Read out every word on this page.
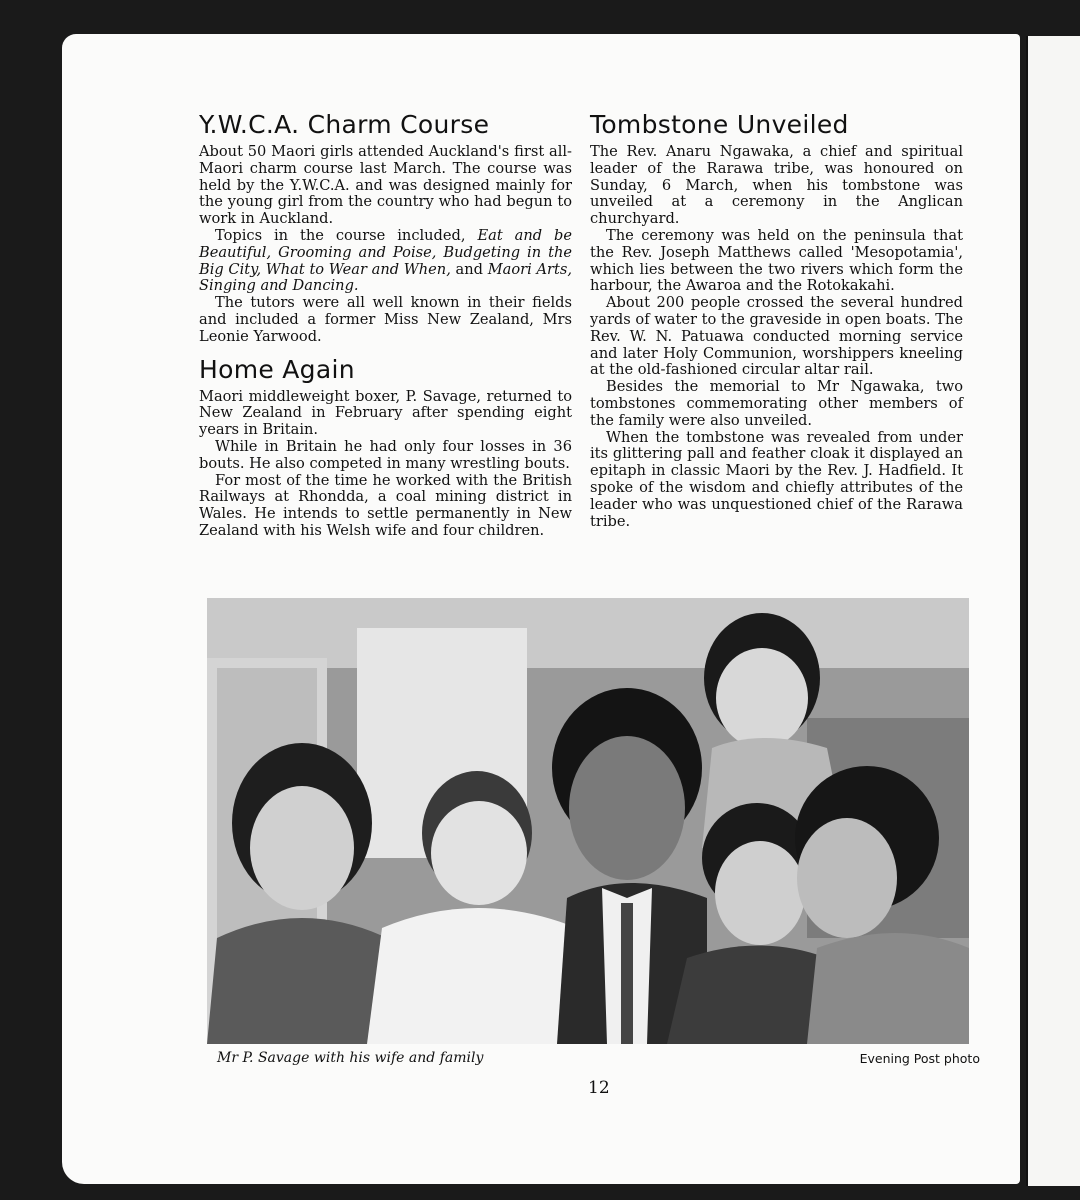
Y.W.C.A. Charm Course

About 50 Maori girls attended Auckland's first all-Maori charm course last March. The course was held by the Y.W.C.A. and was designed mainly for the young girl from the country who had begun to work in Auckland.

Topics in the course included, Eat and be Beautiful, Grooming and Poise, Budgeting in the Big City, What to Wear and When, and Maori Arts, Singing and Dancing.

The tutors were all well known in their fields and included a former Miss New Zealand, Mrs Leonie Yarwood.

Home Again

Maori middleweight boxer, P. Savage, returned to New Zealand in February after spending eight years in Britain.

While in Britain he had only four losses in 36 bouts. He also competed in many wrestling bouts.

For most of the time he worked with the British Railways at Rhondda, a coal mining district in Wales. He intends to settle permanently in New Zealand with his Welsh wife and four children.

Tombstone Unveiled

The Rev. Anaru Ngawaka, a chief and spiritual leader of the Rarawa tribe, was honoured on Sunday, 6 March, when his tombstone was unveiled at a ceremony in the Anglican churchyard.

The ceremony was held on the peninsula that the Rev. Joseph Matthews called 'Mesopotamia', which lies between the two rivers which form the harbour, the Awaroa and the Rotokakahi.

About 200 people crossed the several hundred yards of water to the graveside in open boats. The Rev. W. N. Patuawa conducted morning service and later Holy Communion, worshippers kneeling at the old-fashioned circular altar rail.

Besides the memorial to Mr Ngawaka, two tombstones commemorating other members of the family were also unveiled.

When the tombstone was revealed from under its glittering pall and feather cloak it displayed an epitaph in classic Maori by the Rev. J. Hadfield. It spoke of the wisdom and chiefly attributes of the leader who was unquestioned chief of the Rarawa tribe.

Mr P. Savage with his wife and family	Evening Post photo
12
